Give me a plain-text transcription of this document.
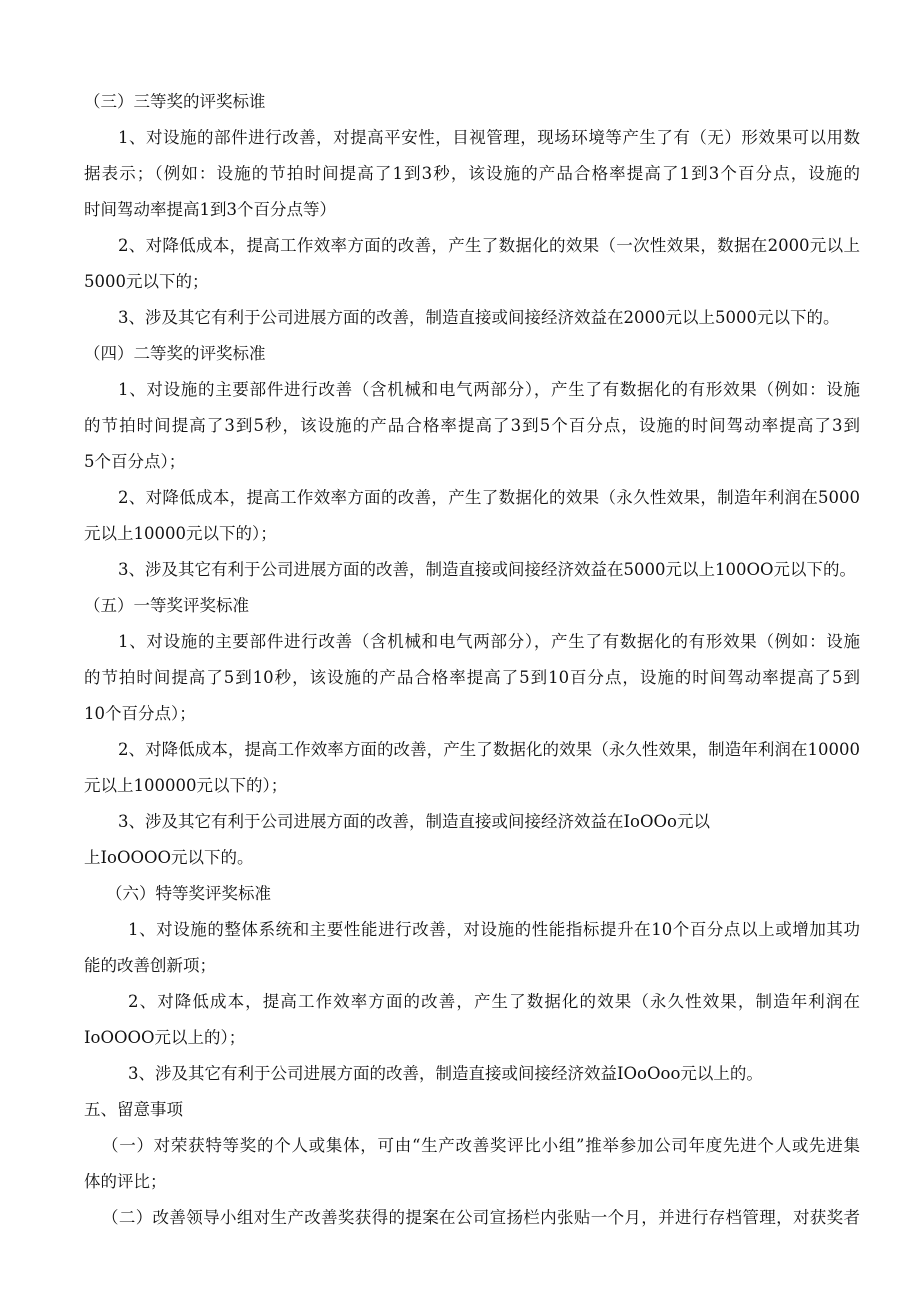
（三）三等奖的评奖标谁
1、对设施的部件进行改善，对提高平安性，目视管理，现场环境等产生了有（无）形效果可以用数
据表示；（例如：设施的节拍时间提高了1到3秒，该设施的产品合格率提高了1到3个百分点，设施的
时间驾动率提高1到3个百分点等）
2、对降低成本，提高工作效率方面的改善，产生了数据化的效果（一次性效果，数据在2000元以上
5000元以下的；
3、涉及其它有利于公司进展方面的改善，制造直接或间接经济效益在2000元以上5000元以下的。
（四）二等奖的评奖标准
1、对设施的主要部件进行改善（含机械和电气两部分），产生了有数据化的有形效果（例如：设施
的节拍时间提高了3到5秒，该设施的产品合格率提高了3到5个百分点，设施的时间驾动率提高了3到
5个百分点）；
2、对降低成本，提高工作效率方面的改善，产生了数据化的效果（永久性效果，制造年利润在5000
元以上10000元以下的）；
3、涉及其它有利于公司进展方面的改善，制造直接或间接经济效益在5000元以上100OO元以下的。
（五）一等奖评奖标准
1、对设施的主要部件进行改善（含机械和电气两部分），产生了有数据化的有形效果（例如：设施
的节拍时间提高了5到10秒，该设施的产品合格率提高了5到10百分点，设施的时间驾动率提高了5到
10个百分点）；
2、对降低成本，提高工作效率方面的改善，产生了数据化的效果（永久性效果，制造年利润在10000
元以上100000元以下的）；
3、涉及其它有利于公司进展方面的改善，制造直接或间接经济效益在IoOOo元以
上IoOOOO元以下的。
（六）特等奖评奖标准
1、对设施的整体系统和主要性能进行改善，对设施的性能指标提升在10个百分点以上或增加其功
能的改善创新项；
2、对降低成本，提高工作效率方面的改善，产生了数据化的效果（永久性效果，制造年利润在
IoOOOO元以上的）；
3、涉及其它有利于公司进展方面的改善，制造直接或间接经济效益IOoOoo元以上的。
五、留意事项
（一）对荣获特等奖的个人或集体，可由“生产改善奖评比小组”推举参加公司年度先进个人或先进集
体的评比；
（二）改善领导小组对生产改善奖获得的提案在公司宣扬栏内张贴一个月，并进行存档管理，对获奖者
